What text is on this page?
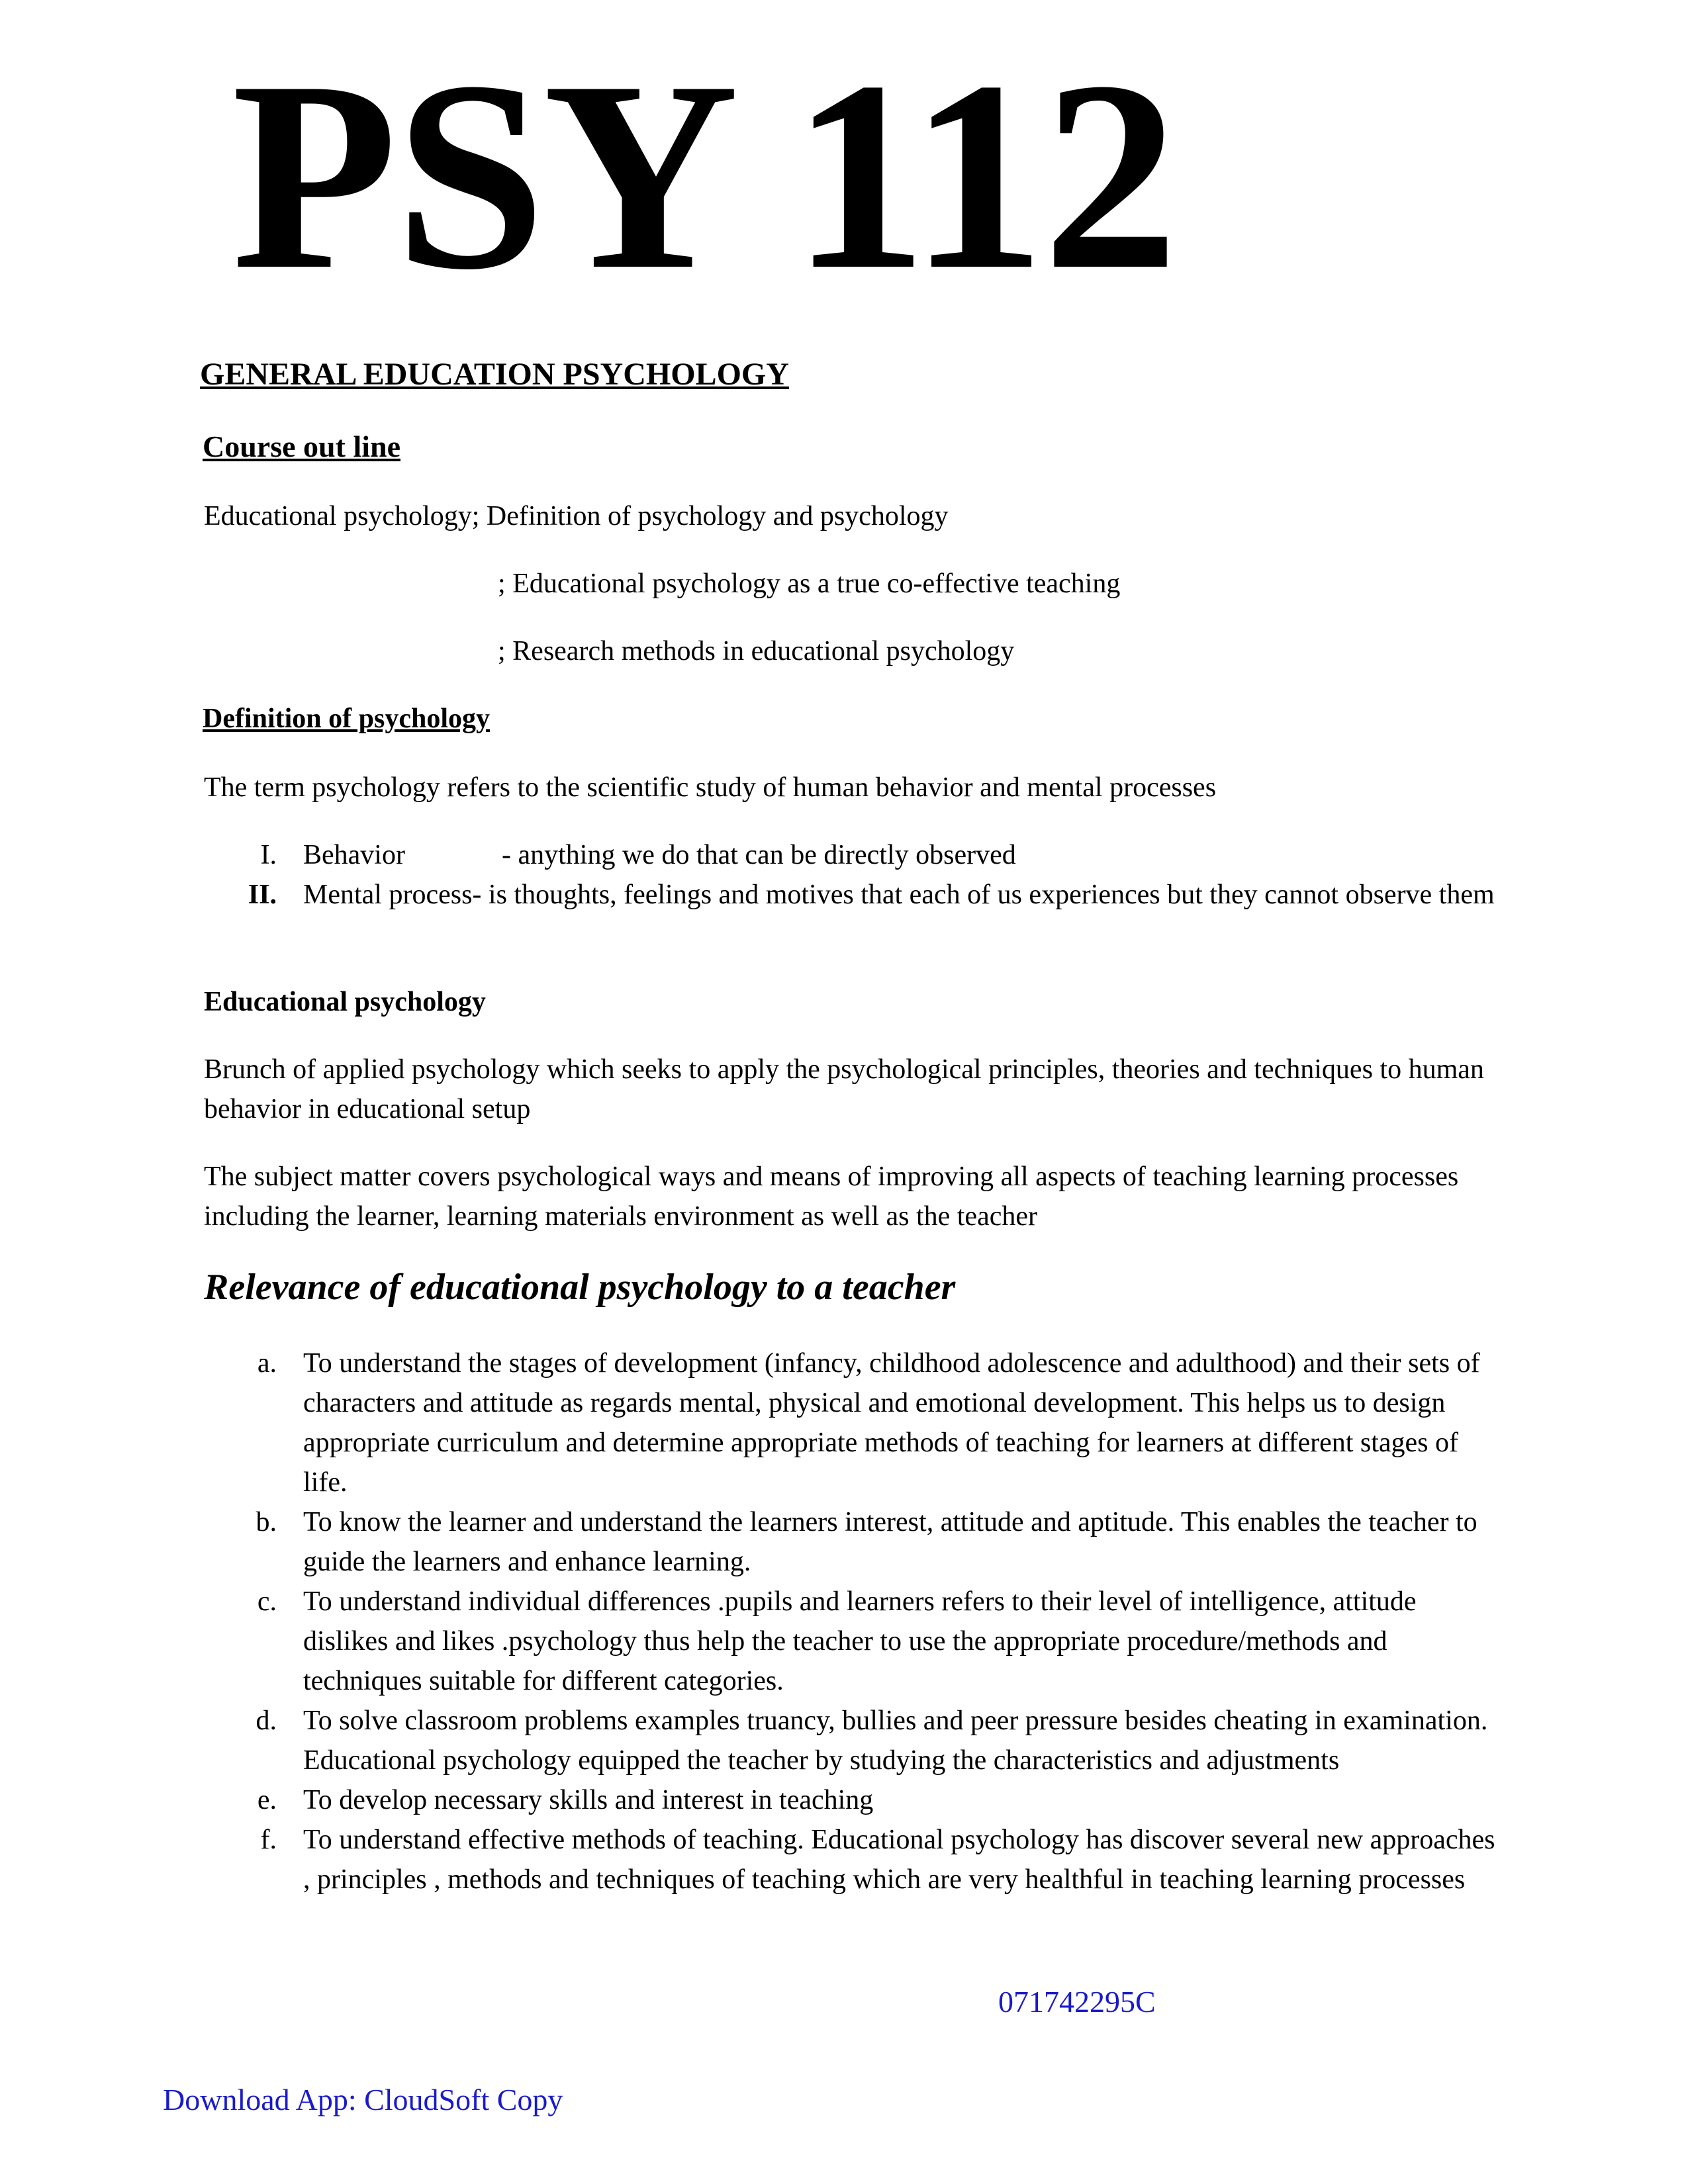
PSY 112
GENERAL EDUCATION PSYCHOLOGY
Course out line
Educational psychology; Definition of psychology and psychology
; Educational psychology as a true co-effective teaching
; Research methods in educational psychology
Definition of psychology
The term psychology refers to the scientific study of human behavior and mental processes
I. Behavior	- anything we do that can be directly observed
II. Mental process- is thoughts, feelings and motives that each of us experiences but they cannot observe them
Educational psychology
Brunch of applied psychology which seeks to apply the psychological principles, theories and techniques to human behavior in educational setup
The subject matter covers psychological ways and means of improving all aspects of teaching learning processes including the learner, learning materials environment as well as the teacher
Relevance of educational psychology to a teacher
a. To understand the stages of development (infancy, childhood adolescence and adulthood) and their sets of characters and attitude as regards mental, physical and emotional development. This helps us to design appropriate curriculum and determine appropriate methods of teaching for learners at different stages of life.
b. To know the learner and understand the learners interest, attitude and aptitude. This enables the teacher to guide the learners and enhance learning.
c. To understand individual differences .pupils and learners refers to their level of intelligence, attitude dislikes and likes .psychology thus help the teacher to use the appropriate procedure/methods and techniques suitable for different categories.
d. To solve classroom problems examples truancy, bullies and peer pressure besides cheating in examination. Educational psychology equipped the teacher by studying the characteristics and adjustments
e. To develop necessary skills and interest in teaching
f. To understand effective methods of teaching. Educational psychology has discover several new approaches , principles , methods and techniques of teaching which are very healthful in teaching learning processes
071742295C
Download App: CloudSoft Copy
